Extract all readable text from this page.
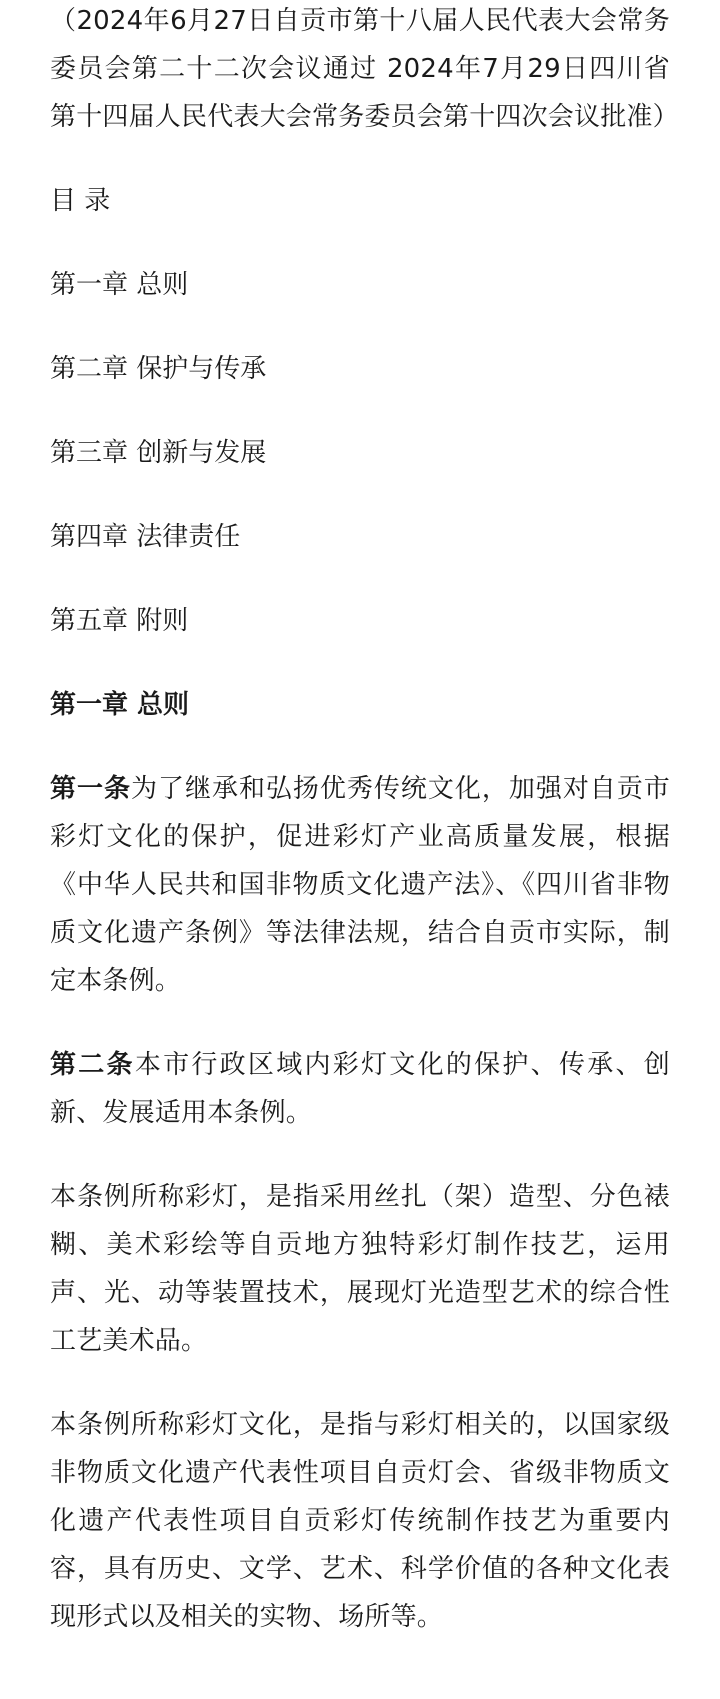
（2024年6月27日自贡市第十八届人民代表大会常务委员会第二十二次会议通过 2024年7月29日四川省第十四届人民代表大会常务委员会第十四次会议批准）

目 录

第一章 总则

第二章 保护与传承

第三章 创新与发展

第四章 法律责任

第五章 附则

第一章 总则

第一条为了继承和弘扬优秀传统文化，加强对自贡市彩灯文化的保护，促进彩灯产业高质量发展，根据《中华人民共和国非物质文化遗产法》、《四川省非物质文化遗产条例》等法律法规，结合自贡市实际，制定本条例。

第二条本市行政区域内彩灯文化的保护、传承、创新、发展适用本条例。

本条例所称彩灯，是指采用丝扎（架）造型、分色裱糊、美术彩绘等自贡地方独特彩灯制作技艺，运用声、光、动等装置技术，展现灯光造型艺术的综合性工艺美术品。

本条例所称彩灯文化，是指与彩灯相关的，以国家级非物质文化遗产代表性项目自贡灯会、省级非物质文化遗产代表性项目自贡彩灯传统制作技艺为重要内容，具有历史、文学、艺术、科学价值的各种文化表现形式以及相关的实物、场所等。
